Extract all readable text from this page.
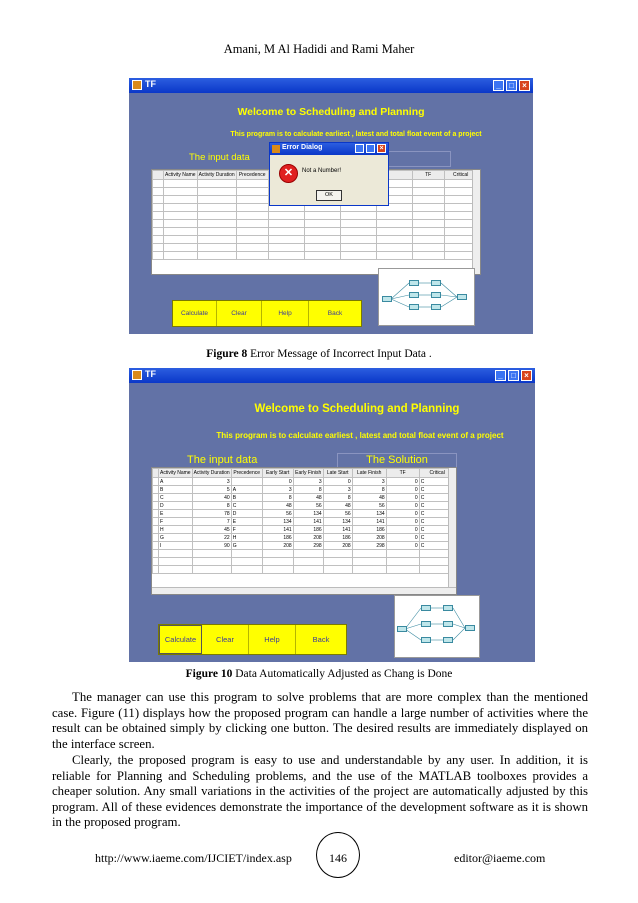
Amani, M Al Hadidi and Rami Maher
TF	_	□	×
Welcome to Scheduling and Planning
This program is to calculate earliest , latest and total float event of a project
The input data
	Activity Name	Activity Duration	Precedence					TF	Critical

Error Dialog	×
✕	Not a Number!
OK
Calculate	Clear	Help	Back
Figure 8 Error Message of Incorrect Input Data .
TF	_	□	×
Welcome to Scheduling and Planning
This program is to calculate earliest , latest and total float event of a project
The input data	The Solution
	Activity Name	Activity Duration	Precedence	Early Start	Early Finish	Late Start	Late Finish	TF	Critical
	A	3		0	3	0	3	0	C
	B	5	A	3	8	3	8	0	C
	C	40	B	8	48	8	48	0	C
	D	8	C	48	56	48	56	0	C
	E	78	D	56	134	56	134	0	C
	F	7	E	134	141	134	141	0	C
	H	45	F	141	186	141	186	0	C
	G	22	H	186	208	186	208	0	C
	I	90	G	208	298	208	298	0	C

Calculate	Clear	Help	Back
Figure 10 Data Automatically Adjusted as Chang is Done
The manager can use this program to solve problems that are more complex than the mentioned case. Figure (11) displays how the proposed program can handle a large number of activities where the result can be obtained simply by clicking one button. The desired results are immediately displayed on the interface screen.
Clearly, the proposed program is easy to use and understandable by any user. In addition, it is reliable for Planning and Scheduling problems, and the use of the MATLAB toolboxes provides a cheaper solution. Any small variations in the activities of the project are automatically adjusted by this program. All of these evidences demonstrate the importance of the development software as it is shown in the proposed program.
http://www.iaeme.com/IJCIET/index.asp	146	editor@iaeme.com
